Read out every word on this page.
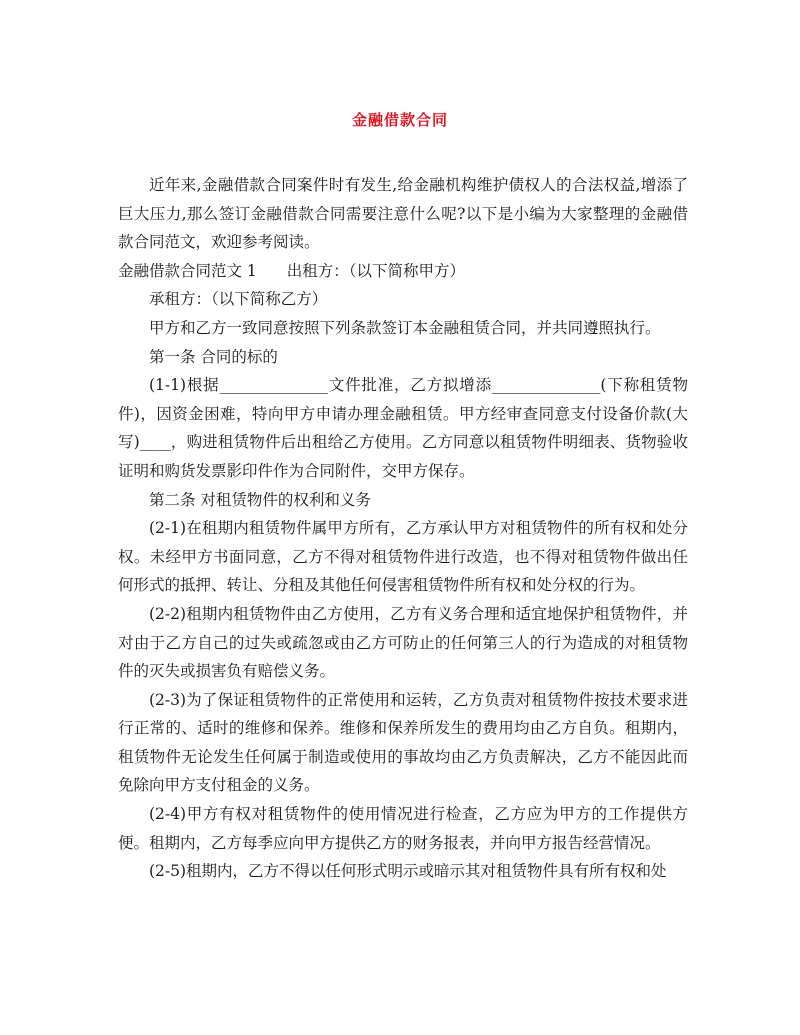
金融借款合同

近年来,金融借款合同案件时有发生,给金融机构维护债权人的合法权益,增添了巨大压力,那么签订金融借款合同需要注意什么呢?以下是小编为大家整理的金融借款合同范文，欢迎参考阅读。

金融借款合同范文 1 出租方：（以下简称甲方）

承租方：（以下简称乙方）

甲方和乙方一致同意按照下列条款签订本金融租赁合同，并共同遵照执行。

第一条 合同的标的

(1-1)根据______________文件批准，乙方拟增添______________(下称租赁物件)，因资金困难，特向甲方申请办理金融租赁。甲方经审查同意支付设备价款(大写)____，购进租赁物件后出租给乙方使用。乙方同意以租赁物件明细表、货物验收证明和购货发票影印件作为合同附件，交甲方保存。

第二条 对租赁物件的权利和义务

(2-1)在租期内租赁物件属甲方所有，乙方承认甲方对租赁物件的所有权和处分权。未经甲方书面同意，乙方不得对租赁物件进行改造，也不得对租赁物件做出任何形式的抵押、转让、分租及其他任何侵害租赁物件所有权和处分权的行为。

(2-2)租期内租赁物件由乙方使用，乙方有义务合理和适宜地保护租赁物件，并对由于乙方自己的过失或疏忽或由乙方可防止的任何第三人的行为造成的对租赁物件的灭失或损害负有赔偿义务。

(2-3)为了保证租赁物件的正常使用和运转，乙方负责对租赁物件按技术要求进行正常的、适时的维修和保养。维修和保养所发生的费用均由乙方自负。租期内，租赁物件无论发生任何属于制造或使用的事故均由乙方负责解决，乙方不能因此而免除向甲方支付租金的义务。

(2-4)甲方有权对租赁物件的使用情况进行检查，乙方应为甲方的工作提供方便。租期内，乙方每季应向甲方提供乙方的财务报表，并向甲方报告经营情况。

(2-5)租期内，乙方不得以任何形式明示或暗示其对租赁物件具有所有权和处
